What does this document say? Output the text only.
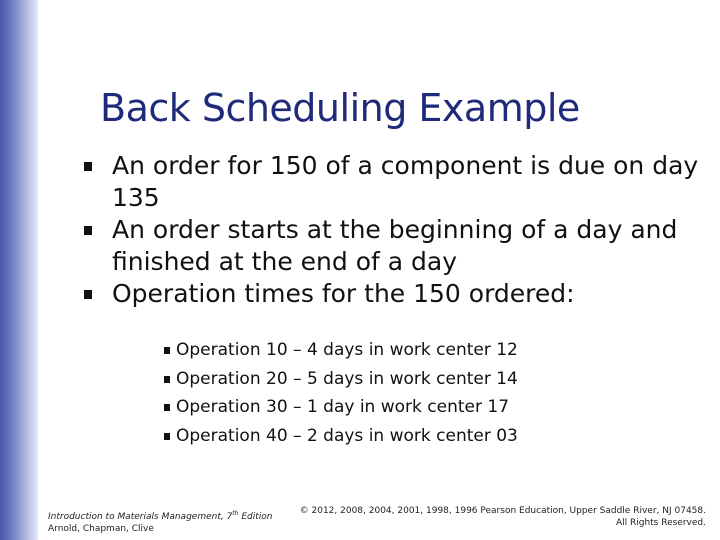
Back Scheduling Example
An order for 150 of a component is due on day 135
An order starts at the beginning of a day and finished at the end of a day
Operation times for the 150 ordered:
Operation 10 – 4 days in work center 12
Operation 20 – 5 days in work center 14
Operation 30 – 1 day in work center 17
Operation 40 – 2 days in work center 03
Introduction to Materials Management, 7th Edition
Arnold, Chapman, Clive
© 2012, 2008, 2004, 2001, 1998, 1996 Pearson Education, Upper Saddle River, NJ 07458.
All Rights Reserved.
